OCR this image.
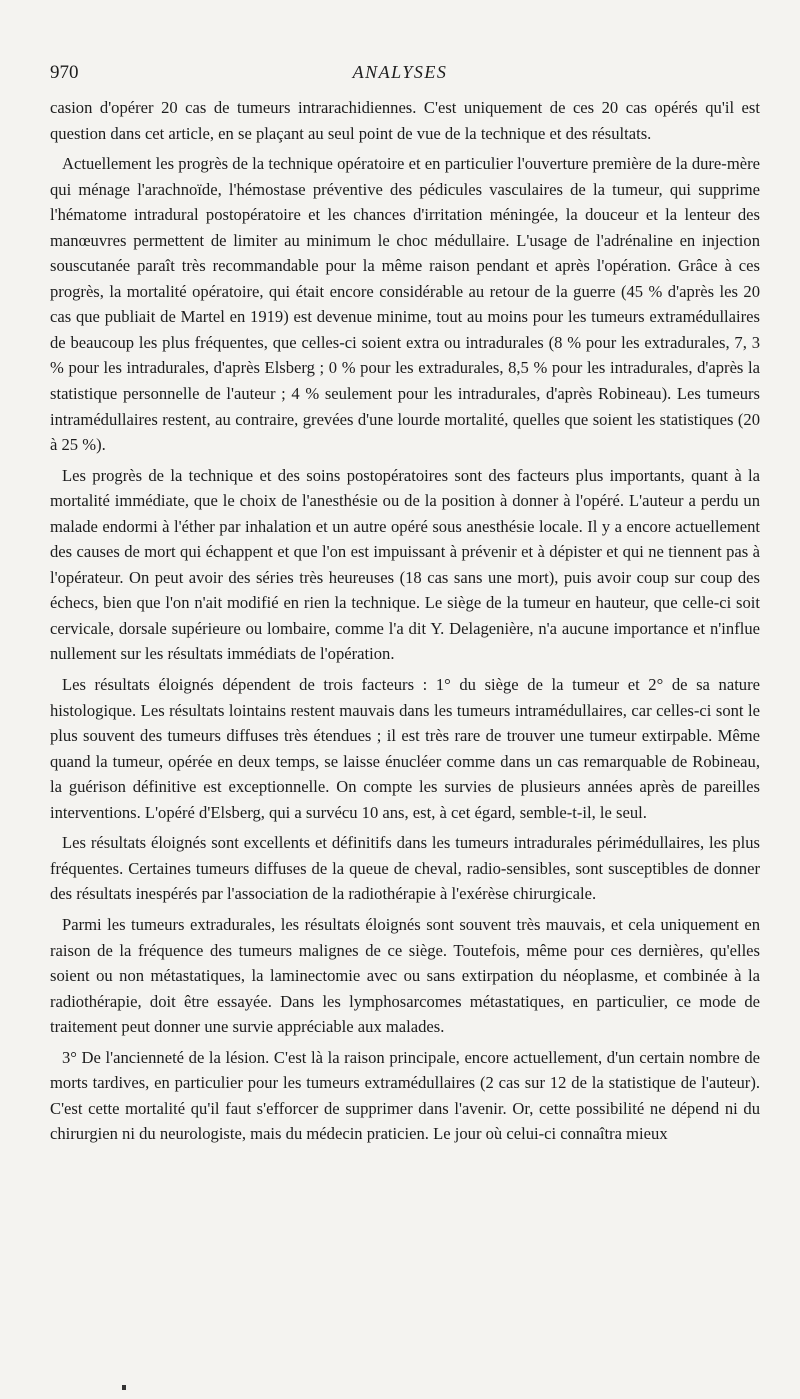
970	ANALYSES

casion d'opérer 20 cas de tumeurs intrarachidiennes. C'est uniquement de ces 20 cas opérés qu'il est question dans cet article, en se plaçant au seul point de vue de la technique et des résultats.

Actuellement les progrès de la technique opératoire et en particulier l'ouverture première de la dure-mère qui ménage l'arachnoïde, l'hémostase préventive des pédicules vasculaires de la tumeur, qui supprime l'hématome intradural postopératoire et les chances d'irritation méningée, la douceur et la lenteur des manœuvres permettent de limiter au minimum le choc médullaire. L'usage de l'adrénaline en injection souscutanée paraît très recommandable pour la même raison pendant et après l'opération. Grâce à ces progrès, la mortalité opératoire, qui était encore considérable au retour de la guerre (45 % d'après les 20 cas que publiait de Martel en 1919) est devenue minime, tout au moins pour les tumeurs extramédullaires de beaucoup les plus fréquentes, que celles-ci soient extra ou intradurales (8 % pour les extradurales, 7, 3 % pour les intradurales, d'après Elsberg ; 0 % pour les extradurales, 8,5 % pour les intradurales, d'après la statistique personnelle de l'auteur ; 4 % seulement pour les intradurales, d'après Robineau). Les tumeurs intramédullaires restent, au contraire, grevées d'une lourde mortalité, quelles que soient les statistiques (20 à 25 %).

Les progrès de la technique et des soins postopératoires sont des facteurs plus importants, quant à la mortalité immédiate, que le choix de l'anesthésie ou de la position à donner à l'opéré. L'auteur a perdu un malade endormi à l'éther par inhalation et un autre opéré sous anesthésie locale. Il y a encore actuellement des causes de mort qui échappent et que l'on est impuissant à prévenir et à dépister et qui ne tiennent pas à l'opérateur. On peut avoir des séries très heureuses (18 cas sans une mort), puis avoir coup sur coup des échecs, bien que l'on n'ait modifié en rien la technique. Le siège de la tumeur en hauteur, que celle-ci soit cervicale, dorsale supérieure ou lombaire, comme l'a dit Y. Delagenière, n'a aucune importance et n'influe nullement sur les résultats immédiats de l'opération.

Les résultats éloignés dépendent de trois facteurs : 1° du siège de la tumeur et 2° de sa nature histologique. Les résultats lointains restent mauvais dans les tumeurs intramédullaires, car celles-ci sont le plus souvent des tumeurs diffuses très étendues ; il est très rare de trouver une tumeur extirpable. Même quand la tumeur, opérée en deux temps, se laisse énucléer comme dans un cas remarquable de Robineau, la guérison définitive est exceptionnelle. On compte les survies de plusieurs années après de pareilles interventions. L'opéré d'Elsberg, qui a survécu 10 ans, est, à cet égard, semble-t-il, le seul.

Les résultats éloignés sont excellents et définitifs dans les tumeurs intradurales périmédullaires, les plus fréquentes. Certaines tumeurs diffuses de la queue de cheval, radio-sensibles, sont susceptibles de donner des résultats inespérés par l'association de la radiothérapie à l'exérèse chirurgicale.

Parmi les tumeurs extradurales, les résultats éloignés sont souvent très mauvais, et cela uniquement en raison de la fréquence des tumeurs malignes de ce siège. Toutefois, même pour ces dernières, qu'elles soient ou non métastatiques, la laminectomie avec ou sans extirpation du néoplasme, et combinée à la radiothérapie, doit être essayée. Dans les lymphosarcomes métastatiques, en particulier, ce mode de traitement peut donner une survie appréciable aux malades.

3° De l'ancienneté de la lésion. C'est là la raison principale, encore actuellement, d'un certain nombre de morts tardives, en particulier pour les tumeurs extramédullaires (2 cas sur 12 de la statistique de l'auteur). C'est cette mortalité qu'il faut s'efforcer de supprimer dans l'avenir. Or, cette possibilité ne dépend ni du chirurgien ni du neurologiste, mais du médecin praticien. Le jour où celui-ci connaîtra mieux
